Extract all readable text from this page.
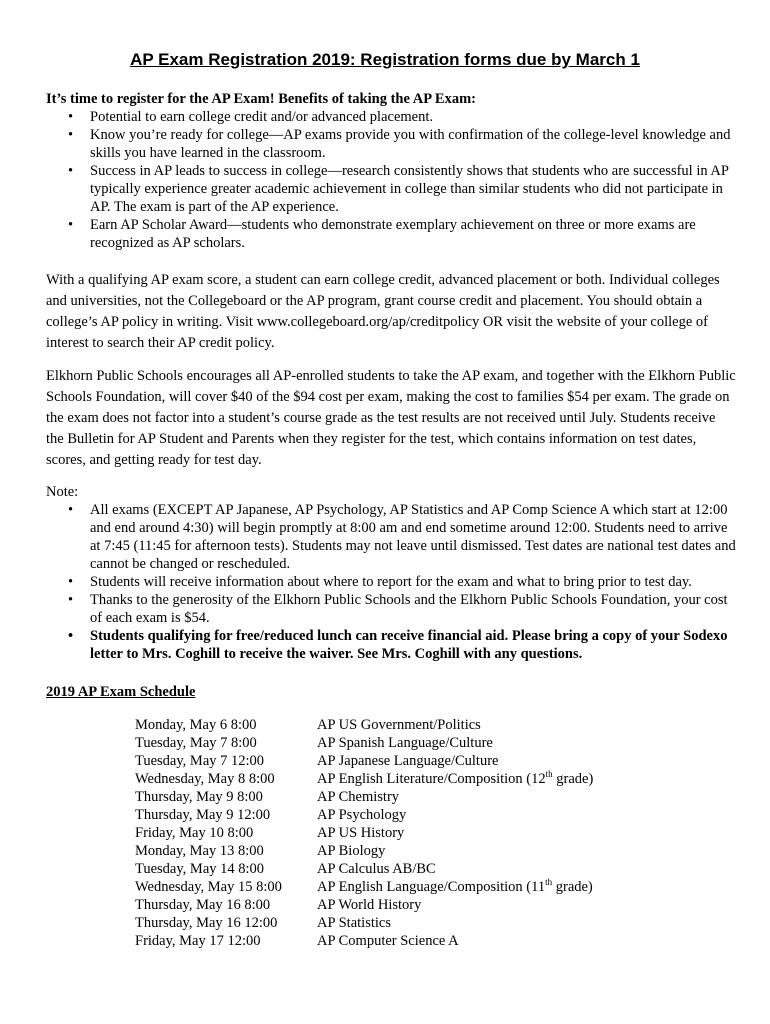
AP Exam Registration 2019: Registration forms due by March 1

It’s time to register for the AP Exam! Benefits of taking the AP Exam:

• Potential to earn college credit and/or advanced placement.
• Know you’re ready for college—AP exams provide you with confirmation of the college-level knowledge and skills you have learned in the classroom.
• Success in AP leads to success in college—research consistently shows that students who are successful in AP typically experience greater academic achievement in college than similar students who did not participate in AP. The exam is part of the AP experience.
• Earn AP Scholar Award—students who demonstrate exemplary achievement on three or more exams are recognized as AP scholars.

With a qualifying AP exam score, a student can earn college credit, advanced placement or both. Individual colleges and universities, not the Collegeboard or the AP program, grant course credit and placement. You should obtain a college’s AP policy in writing. Visit www.collegeboard.org/ap/creditpolicy OR visit the website of your college of interest to search their AP credit policy.

Elkhorn Public Schools encourages all AP-enrolled students to take the AP exam, and together with the Elkhorn Public Schools Foundation, will cover $40 of the $94 cost per exam, making the cost to families $54 per exam. The grade on the exam does not factor into a student’s course grade as the test results are not received until July. Students receive the Bulletin for AP Student and Parents when they register for the test, which contains information on test dates, scores, and getting ready for test day.

Note:

• All exams (EXCEPT AP Japanese, AP Psychology, AP Statistics and AP Comp Science A which start at 12:00 and end around 4:30) will begin promptly at 8:00 am and end sometime around 12:00. Students need to arrive at 7:45 (11:45 for afternoon tests). Students may not leave until dismissed. Test dates are national test dates and cannot be changed or rescheduled.
• Students will receive information about where to report for the exam and what to bring prior to test day.
• Thanks to the generosity of the Elkhorn Public Schools and the Elkhorn Public Schools Foundation, your cost of each exam is $54.
• Students qualifying for free/reduced lunch can receive financial aid. Please bring a copy of your Sodexo letter to Mrs. Coghill to receive the waiver. See Mrs. Coghill with any questions.

2019 AP Exam Schedule

Monday, May 6 8:00	AP US Government/Politics
Tuesday, May 7 8:00	AP Spanish Language/Culture
Tuesday, May 7 12:00	AP Japanese Language/Culture
Wednesday, May 8 8:00	AP English Literature/Composition (12th grade)
Thursday, May 9 8:00	AP Chemistry
Thursday, May 9 12:00	AP Psychology
Friday, May 10 8:00	AP US History
Monday, May 13 8:00	AP Biology
Tuesday, May 14 8:00	AP Calculus AB/BC
Wednesday, May 15 8:00	AP English Language/Composition (11th grade)
Thursday, May 16 8:00	AP World History
Thursday, May 16 12:00	AP Statistics
Friday, May 17 12:00	AP Computer Science A
